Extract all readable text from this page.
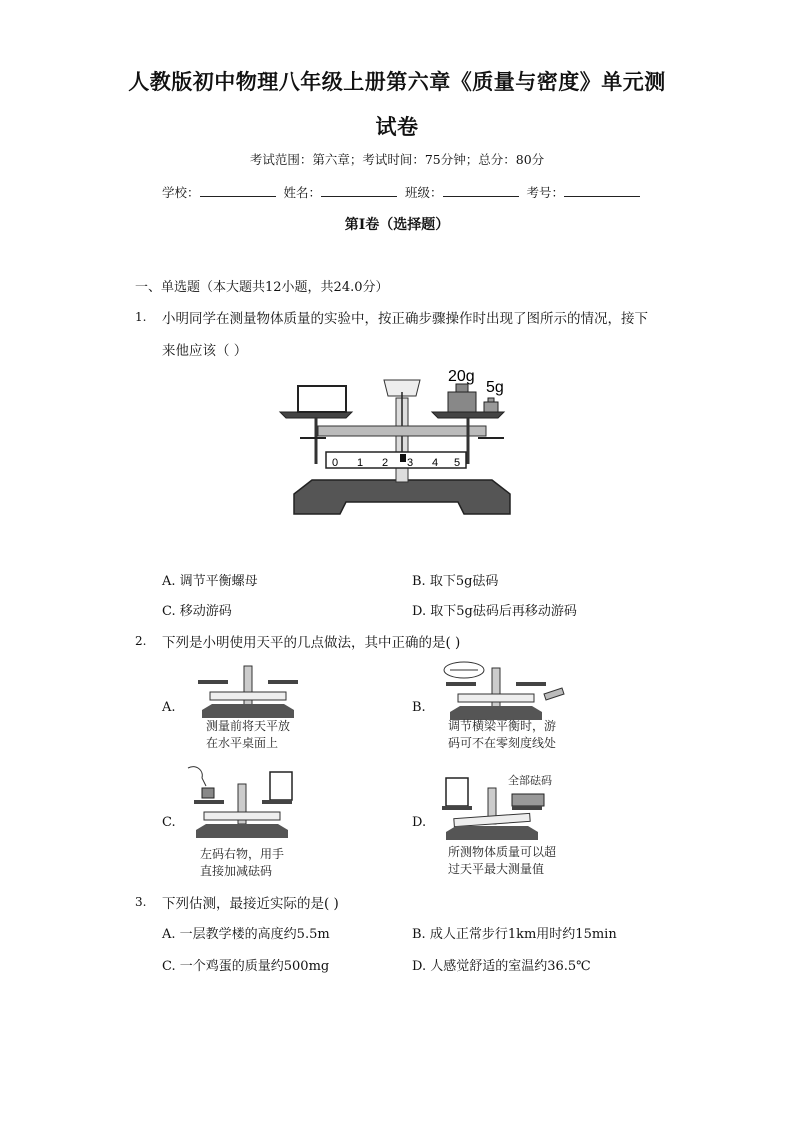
人教版初中物理八年级上册第六章《质量与密度》单元测
试卷
考试范围：第六章；考试时间：75分钟；总分：80分
学校：	姓名：	班级：	考号：
第I卷（选择题）
一、单选题（本大题共12小题，共24.0分）
1. 小明同学在测量物体质量的实验中，按正确步骤操作时出现了图所示的情况，接下
来他应该（ ）
20g
5g
0 1 2 3 4 5
A. 调节平衡螺母	B. 取下5g砝码
C. 移动游码	D. 取下5g砝码后再移动游码
2. 下列是小明使用天平的几点做法，其中正确的是( )
A.
测量前将天平放
在水平桌面上
B.
调节横梁平衡时，游
码可不在零刻度线处
C.
左码右物，用手
直接加减砝码
D.
全部砝码
所测物体质量可以超
过天平最大测量值
3. 下列估测，最接近实际的是( )
A. 一层教学楼的高度约5.5m	B. 成人正常步行1km用时约15min
C. 一个鸡蛋的质量约500mg	D. 人感觉舒适的室温约36.5℃
